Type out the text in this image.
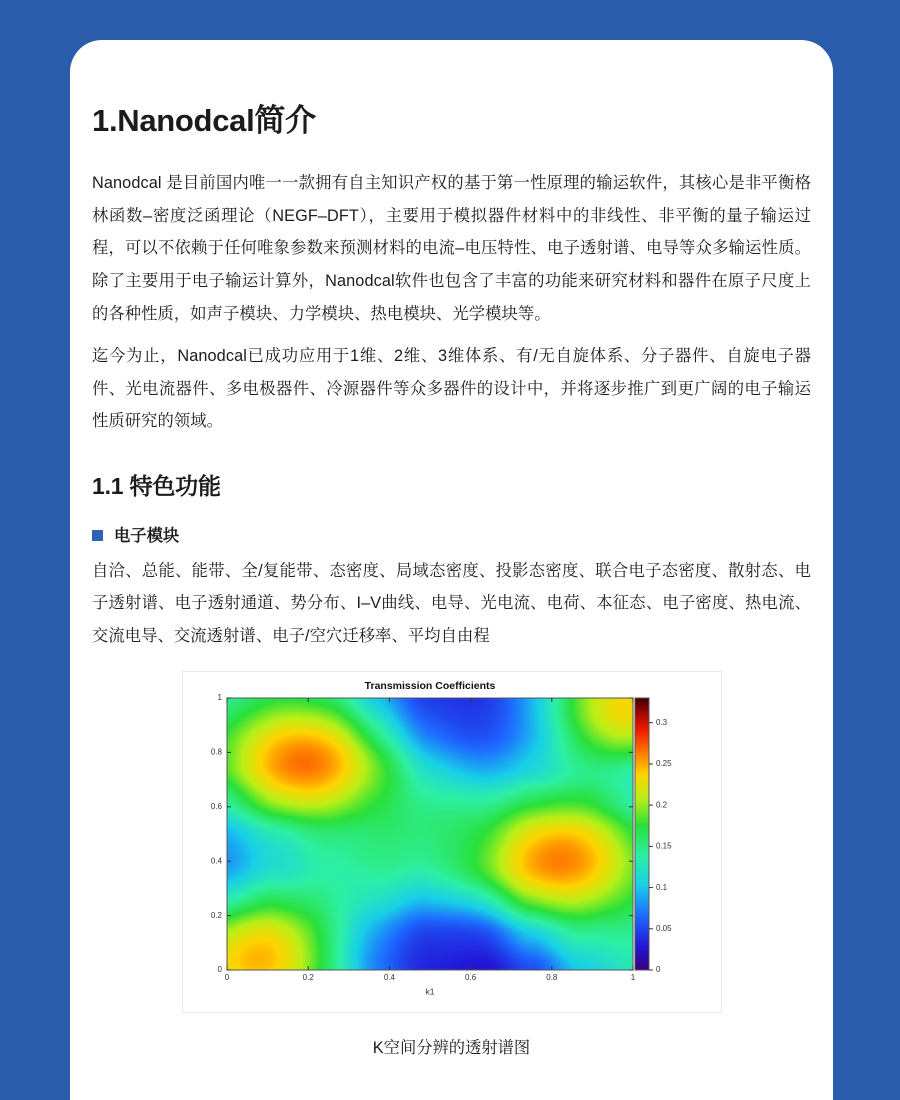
1.Nanodcal简介

Nanodcal 是目前国内唯一一款拥有自主知识产权的基于第一性原理的输运软件，其核心是非平衡格林函数–密度泛函理论（NEGF–DFT），主要用于模拟器件材料中的非线性、非平衡的量子输运过程，可以不依赖于任何唯象参数来预测材料的电流–电压特性、电子透射谱、电导等众多输运性质。除了主要用于电子输运计算外，Nanodcal软件也包含了丰富的功能来研究材料和器件在原子尺度上的各种性质，如声子模块、力学模块、热电模块、光学模块等。

迄今为止，Nanodcal已成功应用于1维、2维、3维体系、有/无自旋体系、分子器件、自旋电子器件、光电流器件、多电极器件、冷源器件等众多器件的设计中，并将逐步推广到更广阔的电子输运性质研究的领域。

1.1 特色功能
电子模块

自洽、总能、能带、全/复能带、态密度、局域态密度、投影态密度、联合电子态密度、散射态、电子透射谱、电子透射通道、势分布、I–V曲线、电导、光电流、电荷、本征态、电子密度、热电流、交流电导、交流透射谱、电子/空穴迁移率、平均自由程

K空间分辨的透射谱图
